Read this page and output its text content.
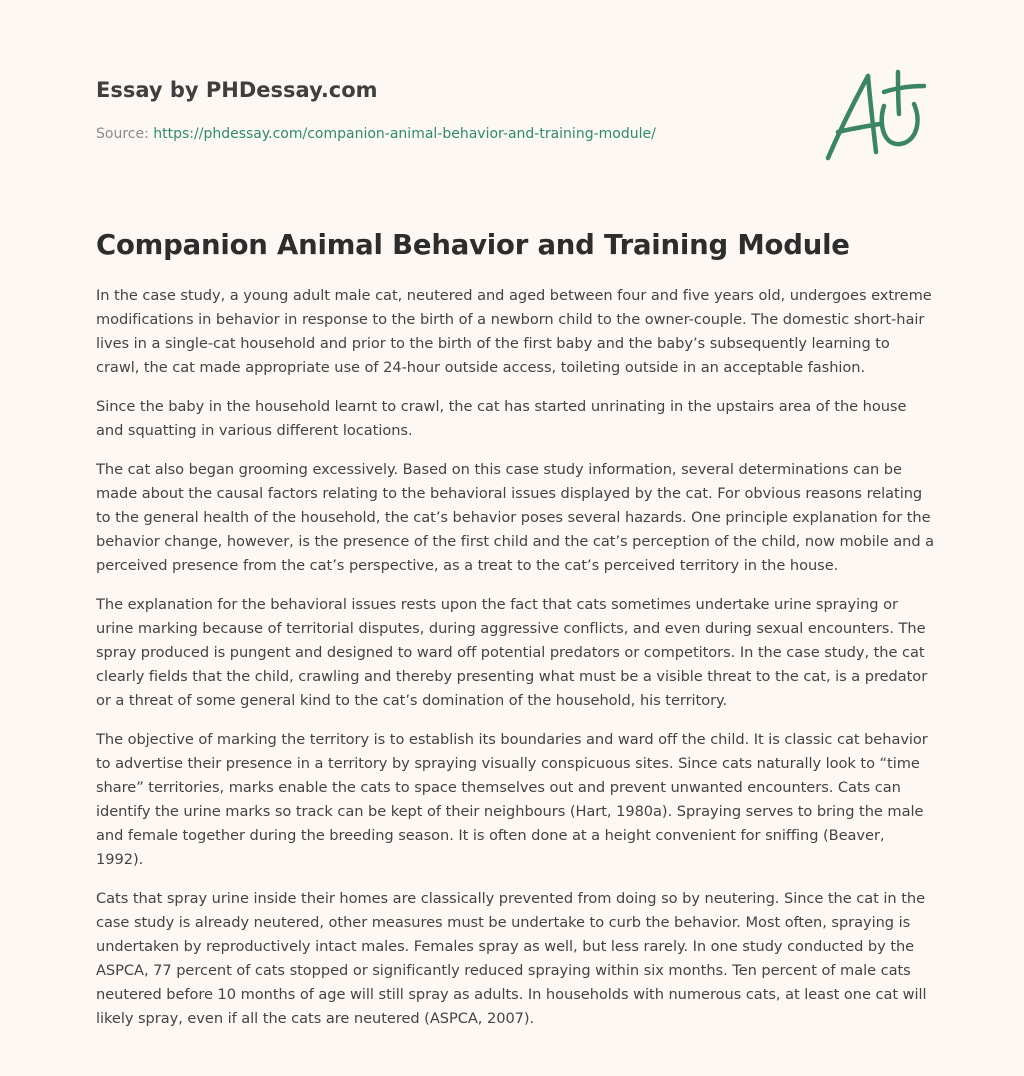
Essay by PHDessay.com
Source: https://phdessay.com/companion-animal-behavior-and-training-module/
Companion Animal Behavior and Training Module

In the case study, a young adult male cat, neutered and aged between four and five years old, undergoes extreme modifications in behavior in response to the birth of a newborn child to the owner-couple. The domestic short-hair lives in a single-cat household and prior to the birth of the first baby and the baby’s subsequently learning to crawl, the cat made appropriate use of 24-hour outside access, toileting outside in an acceptable fashion.

Since the baby in the household learnt to crawl, the cat has started unrinating in the upstairs area of the house and squatting in various different locations.

The cat also began grooming excessively. Based on this case study information, several determinations can be made about the causal factors relating to the behavioral issues displayed by the cat. For obvious reasons relating to the general health of the household, the cat’s behavior poses several hazards. One principle explanation for the behavior change, however, is the presence of the first child and the cat’s perception of the child, now mobile and a perceived presence from the cat’s perspective, as a treat to the cat’s perceived territory in the house.

The explanation for the behavioral issues rests upon the fact that cats sometimes undertake urine spraying or urine marking because of territorial disputes, during aggressive conflicts, and even during sexual encounters. The spray produced is pungent and designed to ward off potential predators or competitors. In the case study, the cat clearly fields that the child, crawling and thereby presenting what must be a visible threat to the cat, is a predator or a threat of some general kind to the cat’s domination of the household, his territory.

The objective of marking the territory is to establish its boundaries and ward off the child. It is classic cat behavior to advertise their presence in a territory by spraying visually conspicuous sites. Since cats naturally look to “time share” territories, marks enable the cats to space themselves out and prevent unwanted encounters. Cats can identify the urine marks so track can be kept of their neighbours (Hart, 1980a). Spraying serves to bring the male and female together during the breeding season. It is often done at a height convenient for sniffing (Beaver, 1992).

Cats that spray urine inside their homes are classically prevented from doing so by neutering. Since the cat in the case study is already neutered, other measures must be undertake to curb the behavior. Most often, spraying is undertaken by reproductively intact males. Females spray as well, but less rarely. In one study conducted by the ASPCA, 77 percent of cats stopped or significantly reduced spraying within six months. Ten percent of male cats neutered before 10 months of age will still spray as adults. In households with numerous cats, at least one cat will likely spray, even if all the cats are neutered (ASPCA, 2007).
